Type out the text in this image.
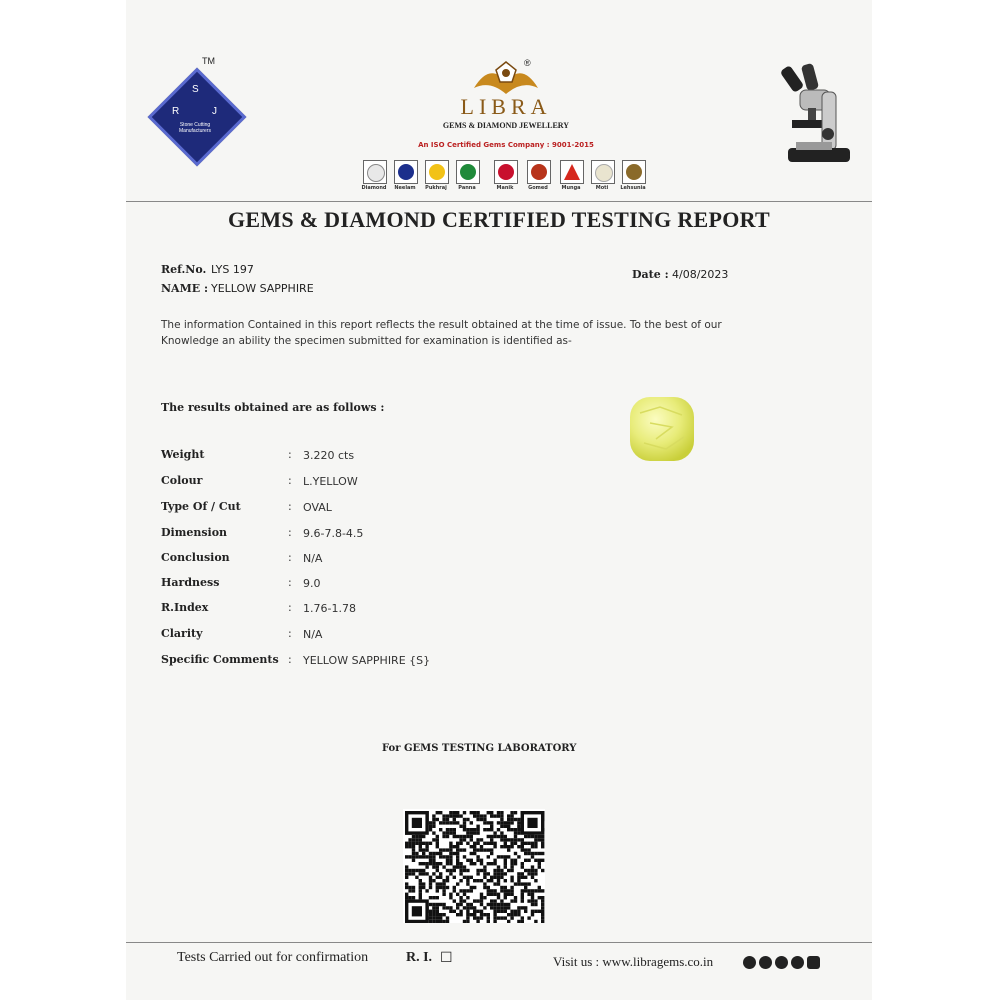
TM
S
R	J
Stone Cutting Manufacturers
®
LIBRA
GEMS & DIAMOND JEWELLERY
An ISO Certified Gems Company : 9001-2015
Diamond	Neelam	Pukhraj	Panna	Manik	Gomed	Munga	Moti	Lehsunia
GEMS & DIAMOND CERTIFIED TESTING REPORT
Ref.No. LYS 197
NAME : YELLOW SAPPHIRE
Date : 4/08/2023
The information Contained in this report reflects the result obtained at the time of issue. To the best of our
Knowledge an ability the specimen submitted for examination is identified as-
The results obtained are as follows :
Weight	: 3.220 cts
Colour	: L.YELLOW
Type Of / Cut	: OVAL
Dimension	: 9.6-7.8-4.5
Conclusion	: N/A
Hardness	: 9.0
R.Index	: 1.76-1.78
Clarity	: N/A
Specific Comments : YELLOW SAPPHIRE {S}
For GEMS TESTING LABORATORY
Tests Carried out for confirmation	R. I. ☐	Visit us : www.libragems.co.in
